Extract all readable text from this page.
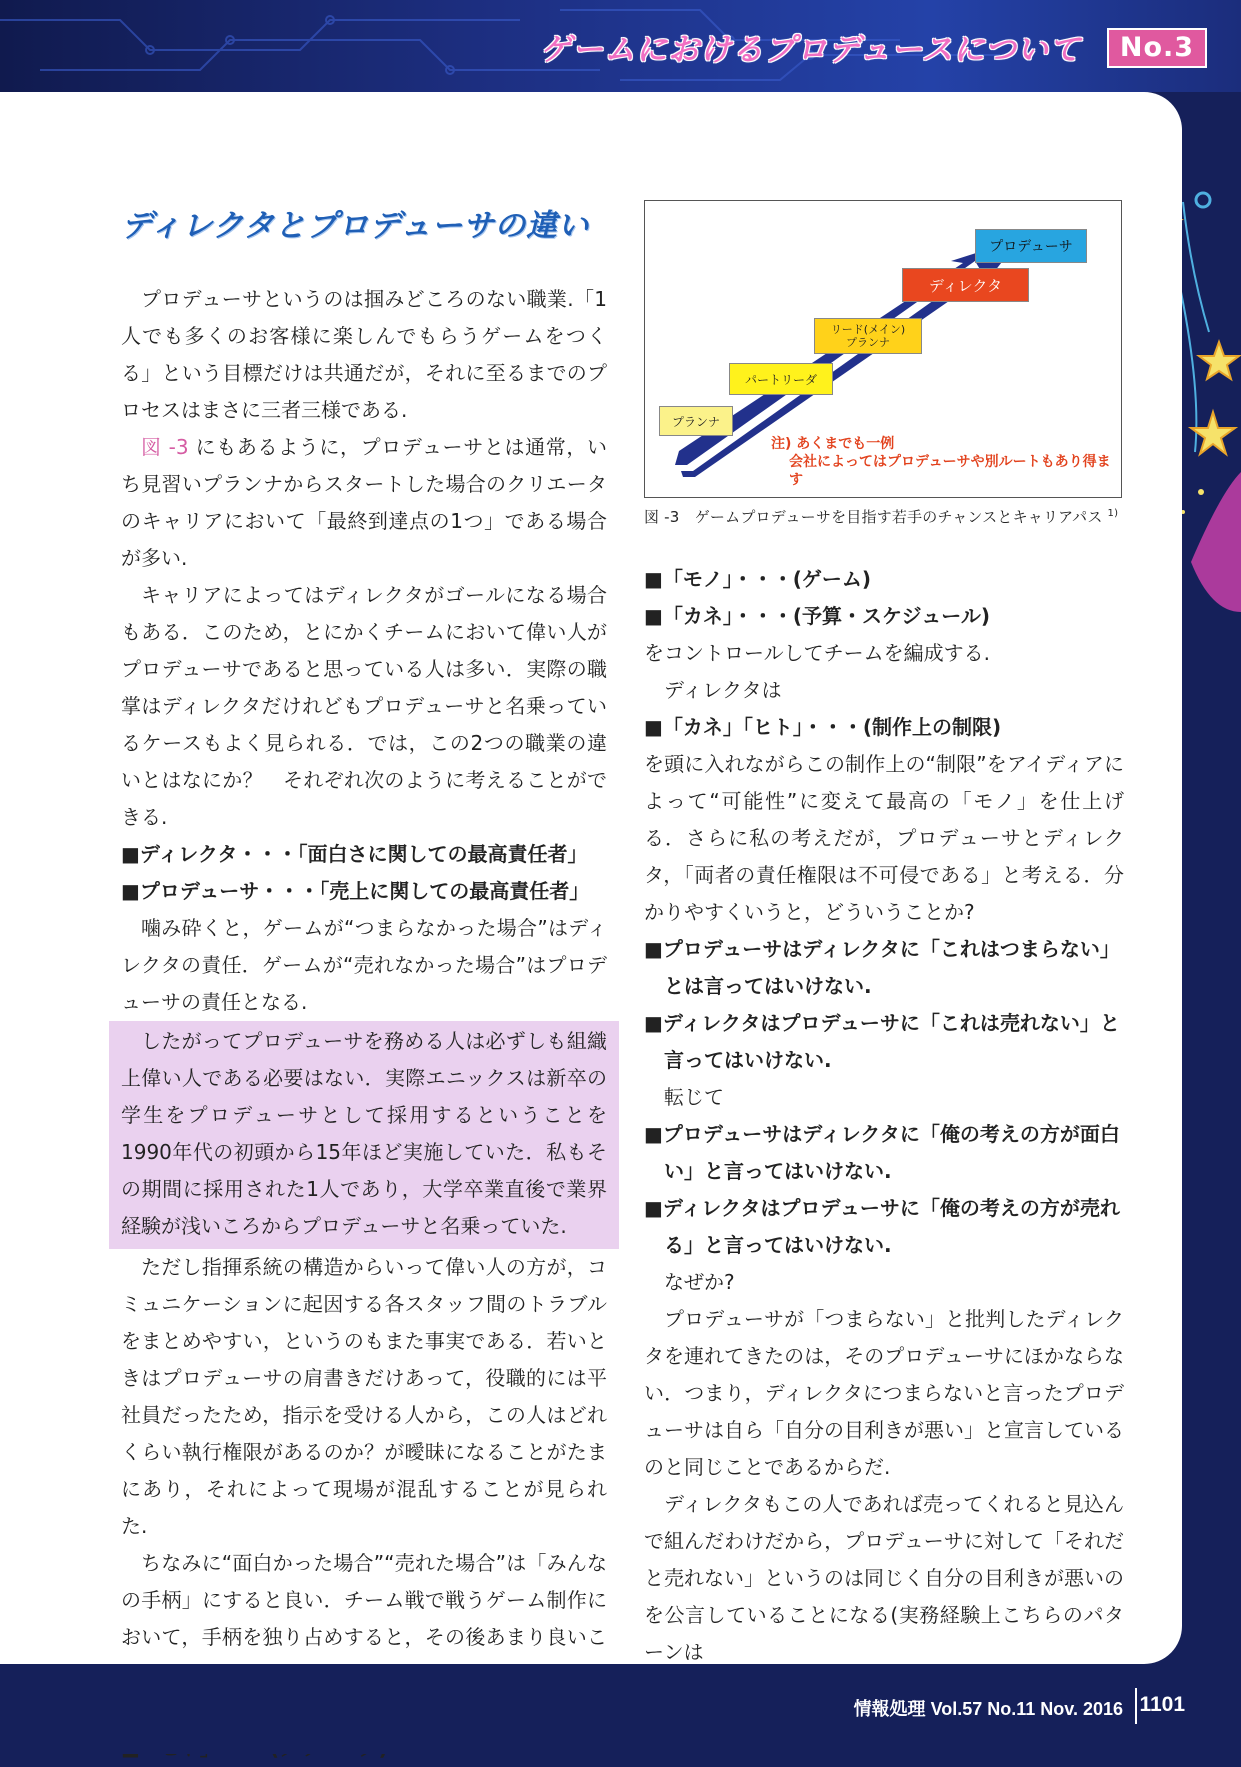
ゲームにおけるプロデュースについて	No.3
ディレクタとプロデューサの違い

プロデューサというのは掴みどころのない職業.「1人でも多くのお客様に楽しんでもらうゲームをつくる」という目標だけは共通だが，それに至るまでのプロセスはまさに三者三様である.

図 -3 にもあるように，プロデューサとは通常，いち見習いプランナからスタートした場合のクリエータのキャリアにおいて「最終到達点の1つ」である場合が多い.

キャリアによってはディレクタがゴールになる場合もある．このため，とにかくチームにおいて偉い人がプロデューサであると思っている人は多い．実際の職掌はディレクタだけれどもプロデューサと名乗っているケースもよく見られる．では，この2つの職業の違いとはなにか？　それぞれ次のように考えることができる.

■ディレクタ・・・「面白さに関しての最高責任者」

■プロデューサ・・・「売上に関しての最高責任者」

噛み砕くと，ゲームが“つまらなかった場合”はディレクタの責任．ゲームが“売れなかった場合”はプロデューサの責任となる.

したがってプロデューサを務める人は必ずしも組織上偉い人である必要はない．実際エニックスは新卒の学生をプロデューサとして採用するということを1990年代の初頭から15年ほど実施していた．私もその期間に採用された1人であり，大学卒業直後で業界経験が浅いころからプロデューサと名乗っていた.

ただし指揮系統の構造からいって偉い人の方が，コミュニケーションに起因する各スタッフ間のトラブルをまとめやすい，というのもまた事実である．若いときはプロデューサの肩書きだけあって，役職的には平社員だったため，指示を受ける人から，この人はどれくらい執行権限があるのか？が曖昧になることがたまにあり，それによって現場が混乱することが見られた.

ちなみに“面白かった場合”“売れた場合”は「みんなの手柄」にすると良い．チーム戦で戦うゲーム制作において，手柄を独り占めすると，その後あまり良いこ

プランナ
パートリーダ
リード(メイン)
プランナ
ディレクタ
プロデューサ
注) あくまでも一例
会社によってはプロデューサや別ルートもあり得ます
図 -3　ゲームプロデューサを目指す若手のチャンスとキャリアパス $^{1)}$

■「モノ」・・・(ゲーム)

■「カネ」・・・(予算・スケジュール)

をコントロールしてチームを編成する.

ディレクタは

■「カネ」「ヒト」・・・(制作上の制限)

を頭に入れながらこの制作上の“制限”をアイディアによって“可能性”に変えて最高の「モノ」を仕上げる．さらに私の考えだが，プロデューサとディレクタ，「両者の責任権限は不可侵である」と考える．分かりやすくいうと，どういうことか?

■プロデューサはディレクタに「これはつまらない」とは言ってはいけない.

■ディレクタはプロデューサに「これは売れない」と言ってはいけない.

転じて

■プロデューサはディレクタに「俺の考えの方が面白い」と言ってはいけない.

■ディレクタはプロデューサに「俺の考えの方が売れる」と言ってはいけない.

なぜか?

プロデューサが「つまらない」と批判したディレクタを連れてきたのは，そのプロデューサにほかならない．つまり，ディレクタにつまらないと言ったプロデューサは自ら「自分の目利きが悪い」と宣言しているのと同じことであるからだ.

ディレクタもこの人であれば売ってくれると見込んで組んだわけだから，プロデューサに対して「それだと売れない」というのは同じく自分の目利きが悪いのを公言していることになる(実務経験上こちらのパターンは

情報処理 Vol.57 No.11 Nov. 2016 1101
